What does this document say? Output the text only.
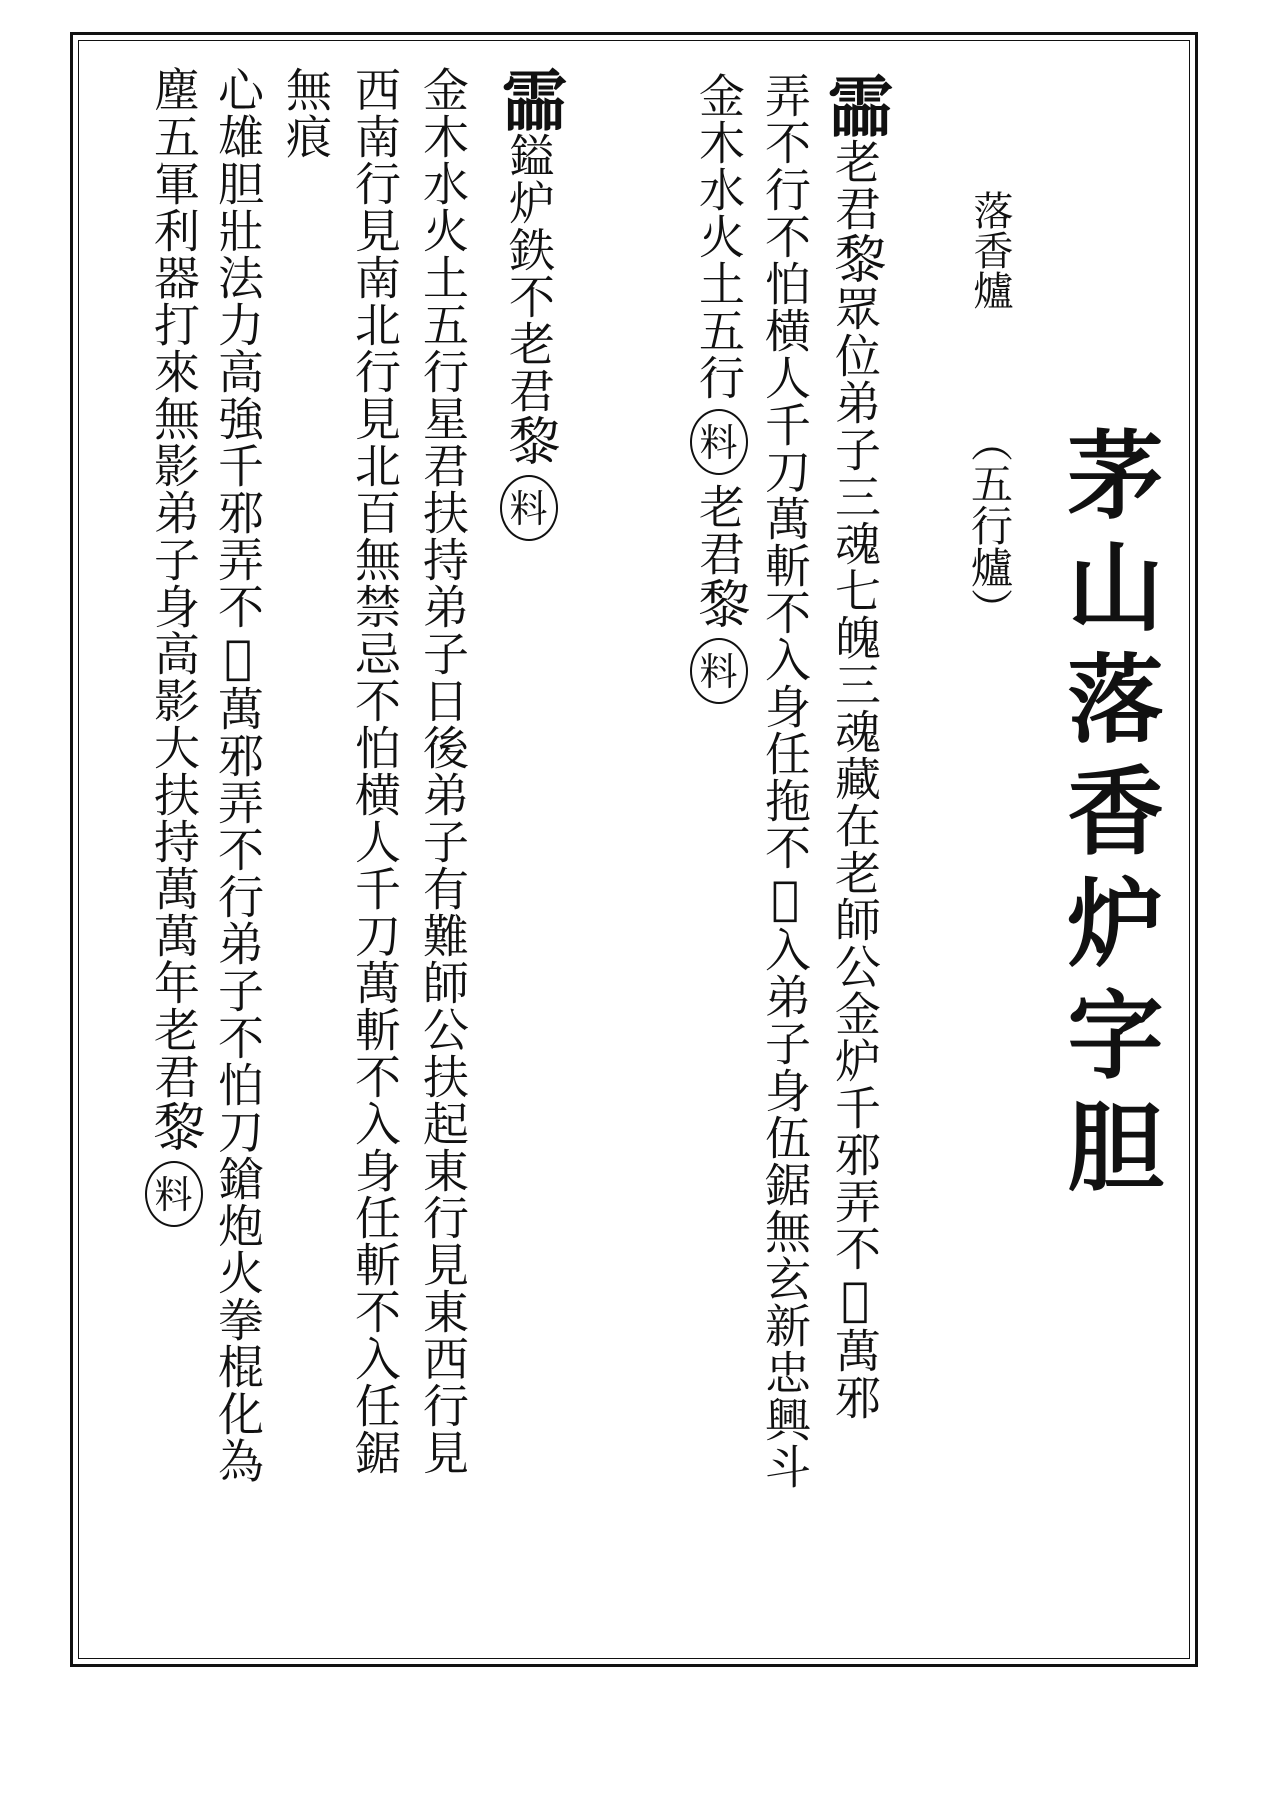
茅山落香炉字胆
落香爐
（五行爐）
霝老君黎眾位弟子三魂七魄三魂藏在老師公金炉千邪弄不𫂵萬邪
弄不行不怕横人千刀萬斬不入身任拖不𫂵入弟子身伍鋸無玄新忠興斗
金木水火土五行料老君黎料
霝鎰炉鉄不老君黎料
金木水火土五行星君扶持弟子日後弟子有難師公扶起東行見東西行見
西南行見南北行見北百無禁忌不怕横人千刀萬斬不入身任斬不入任鋸
無痕
心雄胆壯法力高強千邪弄不𫂵萬邪弄不行弟子不怕刀鎗炮火拳棍化為
塵五軍利器打來無影弟子身高影大扶持萬萬年老君黎料
